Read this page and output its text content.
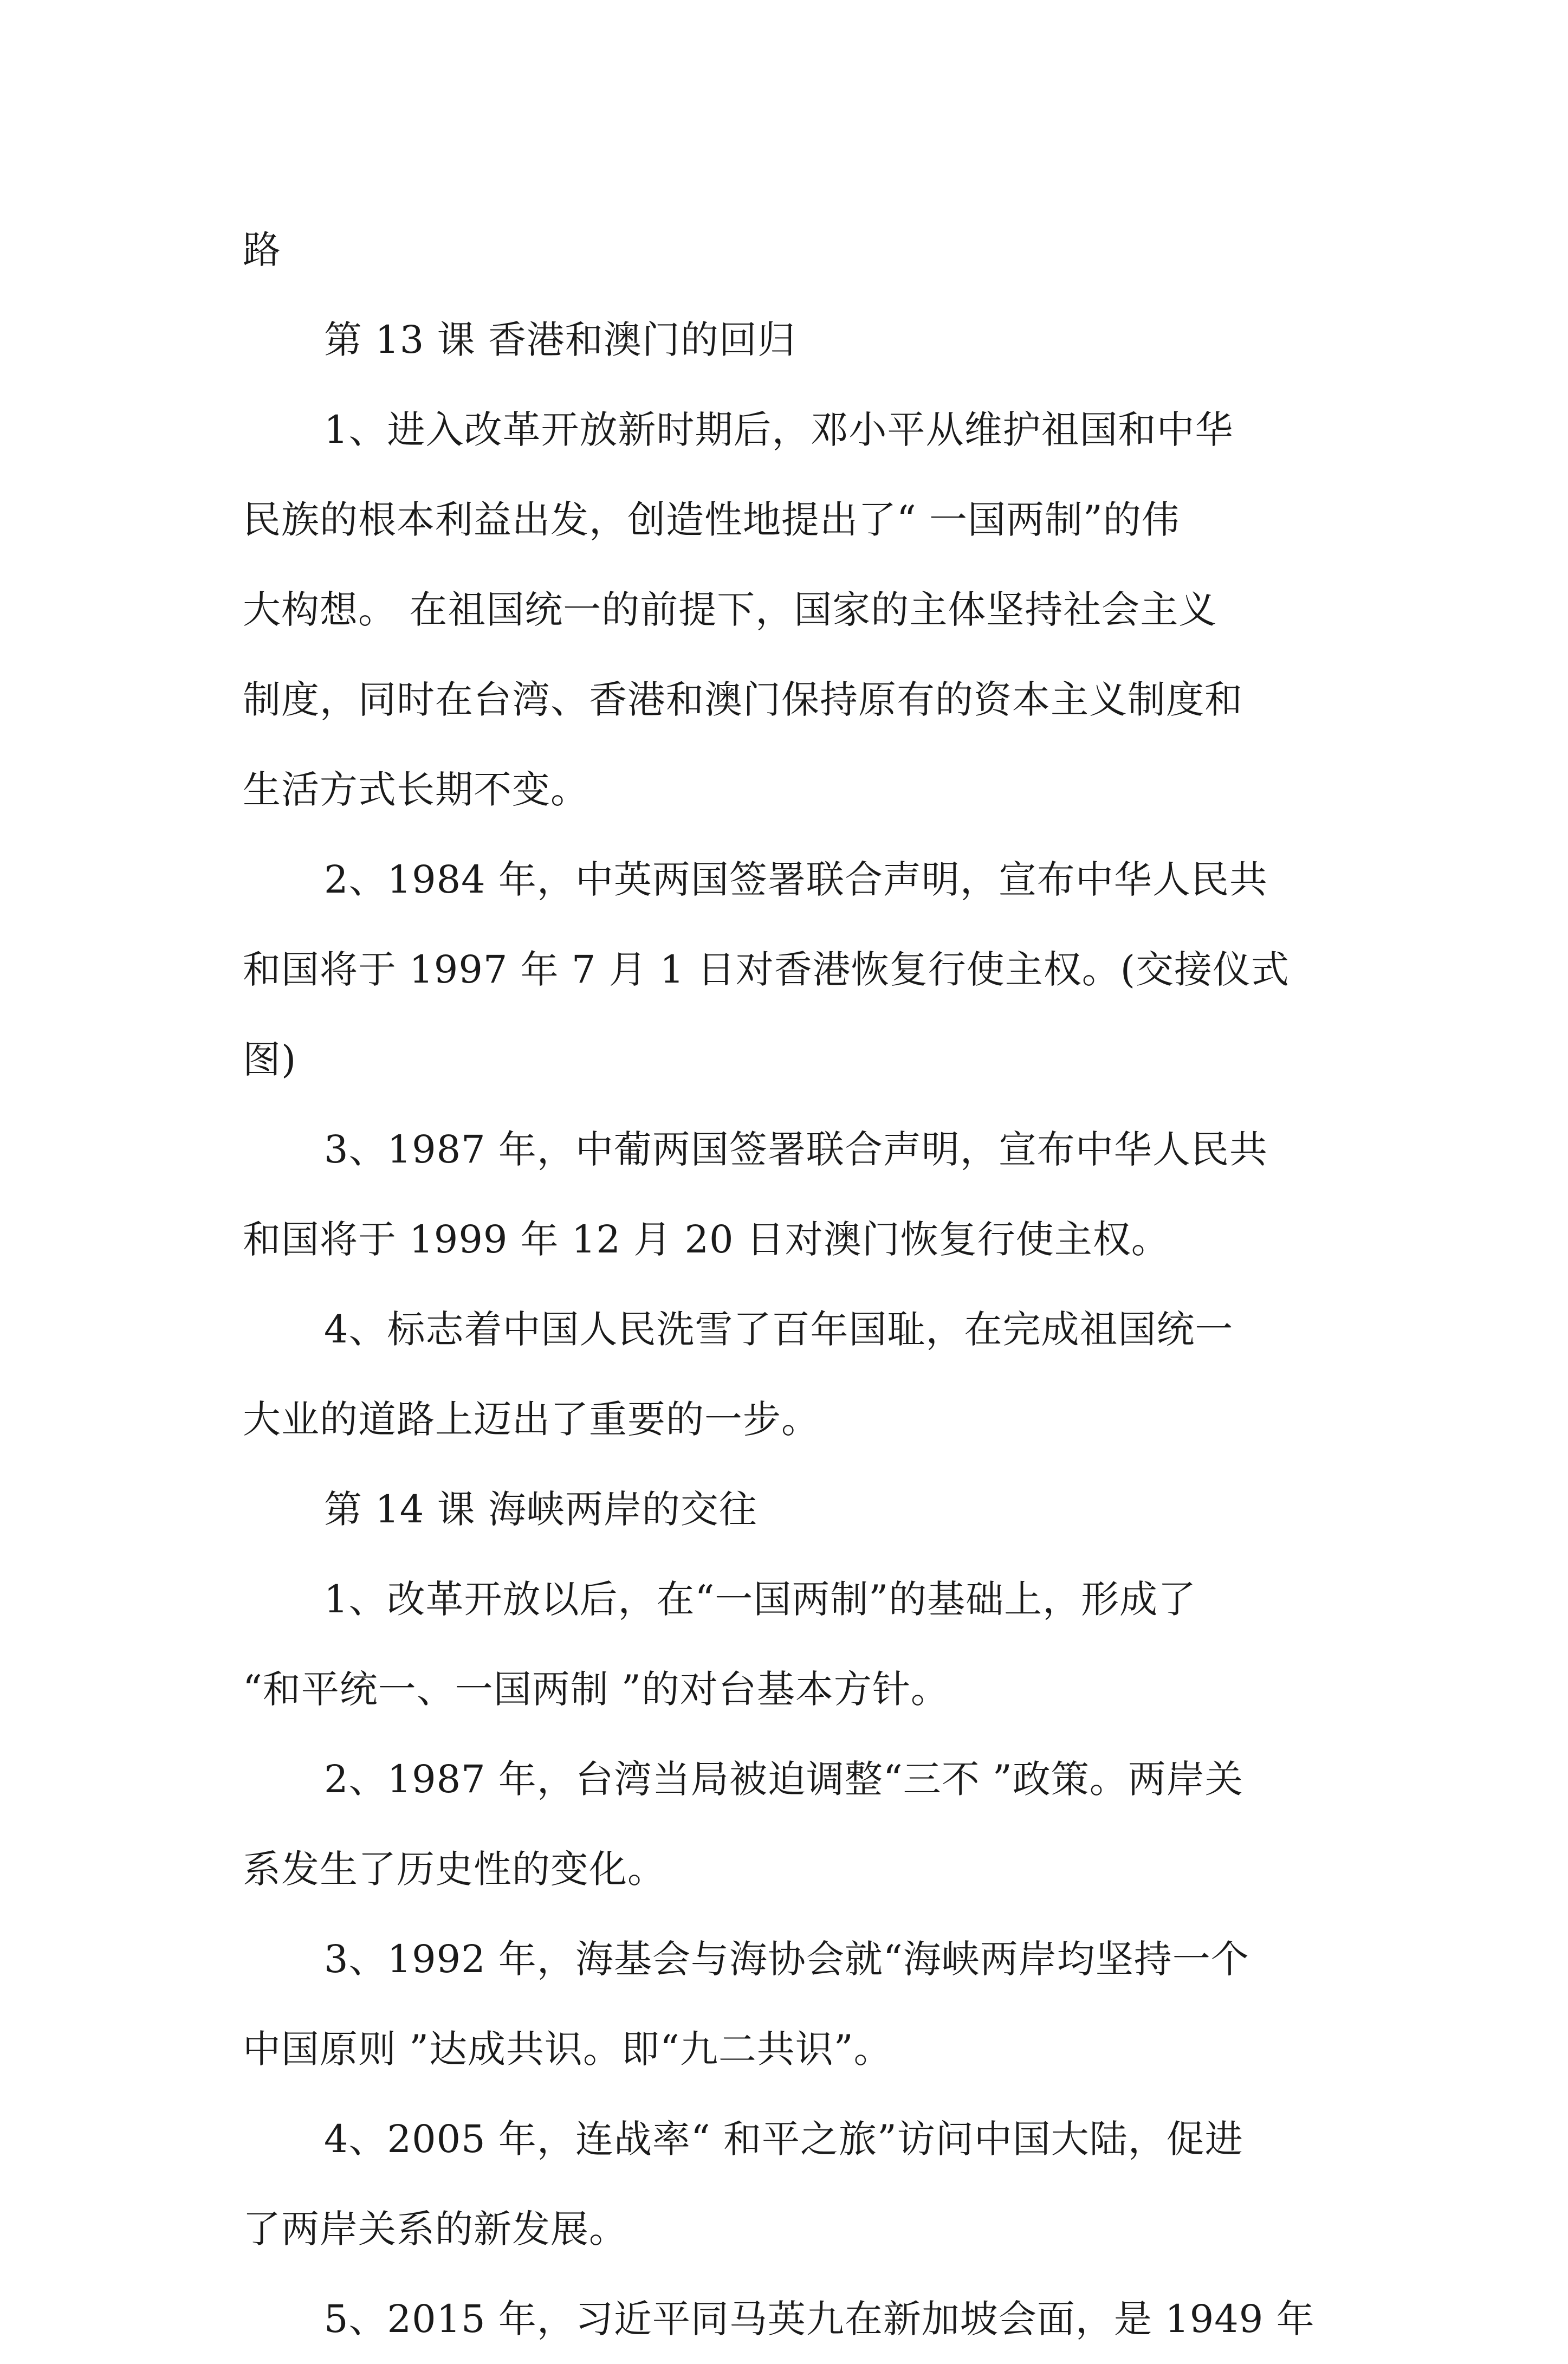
路
第 13 课 香港和澳门的回归
1、进入改革开放新时期后，邓小平从维护祖国和中华
民族的根本利益出发，创造性地提出了“ 一国两制”的伟
大构想。 在祖国统一的前提下，国家的主体坚持社会主义
制度，同时在台湾、香港和澳门保持原有的资本主义制度和
生活方式长期不变。
2、1984 年，中英两国签署联合声明，宣布中华人民共
和国将于 1997 年 7 月 1 日对香港恢复行使主权。(交接仪式
图)
3、1987 年，中葡两国签署联合声明，宣布中华人民共
和国将于 1999 年 12 月 20 日对澳门恢复行使主权。
4、标志着中国人民洗雪了百年国耻，在完成祖国统一
大业的道路上迈出了重要的一步。
第 14 课 海峡两岸的交往
1、改革开放以后，在“一国两制”的基础上，形成了
“和平统一、一国两制 ”的对台基本方针。
2、1987 年，台湾当局被迫调整“三不 ”政策。两岸关
系发生了历史性的变化。
3、1992 年，海基会与海协会就“海峡两岸均坚持一个
中国原则 ”达成共识。即“九二共识”。
4、2005 年，连战率“ 和平之旅”访问中国大陆，促进
了两岸关系的新发展。
5、2015 年，习近平同马英九在新加坡会面，是 1949 年
